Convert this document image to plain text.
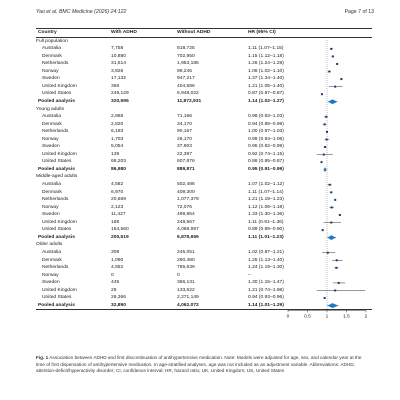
Yao et al. BMC Medicine (2026) 24:122	Page 7 of 13
Country	With ADHD	Without ADHD	HR (95% CI)
Full population
Australia	7,758	818,725	1.11 (1.07–1.15)
Denmark	10,880	702,950	1.15 (1.12–1.18)
Netherlands	31,514	1,953,185	1.26 (1.24–1.28)
Norway	3,826	98,246	1.06 (1.02–1.10)
Sweden	17,132	947,217	1.37 (1.34–1.40)
United Kingdom	356	404,586	1.21 (1.05–1.40)
United States	249,129	6,948,022	0.87 (0.87–0.87)
Pooled analysis	320,595	11,872,931	1.14 (1.02–1.27)
Young adults
Australia	2,868	71,166	0.98 (0.93–1.03)
Denmark	2,820	34,170	0.94 (0.89–0.98)
Netherlands	6,193	90,167	1.00 (0.97–1.03)
Norway	1,703	26,170	0.99 (0.94–1.06)
Sweden	5,054	37,903	0.95 (0.92–0.99)
United Kingdom	139	22,397	0.92 (0.74–1.15)
United States	68,203	607,876	0.86 (0.85–0.87)
Pooled analysis	86,980	889,871	0.95 (0.91–0.99)
Middle-aged adults
Australia	4,582	502,486	1.07 (1.02–1.12)
Denmark	6,970	409,300	1.11 (1.07–1.14)
Netherlands	20,669	1,077,379	1.21 (1.19–1.23)
Norway	2,123	72,076	1.12 (1.06–1.18)
Sweden	11,427	499,854	1.33 (1.30–1.36)
United Kingdom	188	248,567	1.11 (0.91–1.36)
United States	154,560	4,068,997	0.89 (0.89–0.90)
Pooled analysis	200,519	6,878,659	1.11 (1.01–1.23)
Older adults
Australia	308	245,051	1.02 (0.87–1.21)
Denmark	1,090	260,480	1.25 (1.13–1.40)
Netherlands	4,652	785,639	1.24 (1.19–1.30)
Norway	0	0	–
Sweden	445	386,131	1.30 (1.15–1.47)
United Kingdom	29	133,622	1.21 (0.74–1.98)
United States	26,366	2,271,149	0.94 (0.93–0.96)
Pooled analysis	32,890	4,062,072	1.14 (1.01–1.29)
0	0.5	1	1.5	2
Fig. 1 Association between ADHD and first discontinuation of antihypertensive medication. Note: Models were adjusted for age, sex, and calendar year at the time of first dispensation of antihypertensive medication. In age-stratified analyses, age was not included as an adjustment variable. Abbreviations: ADHD, attention-deficit/hyperactivity disorder; CI, confidence interval; HR, hazard ratio; UK, United Kingdom; US, United States
